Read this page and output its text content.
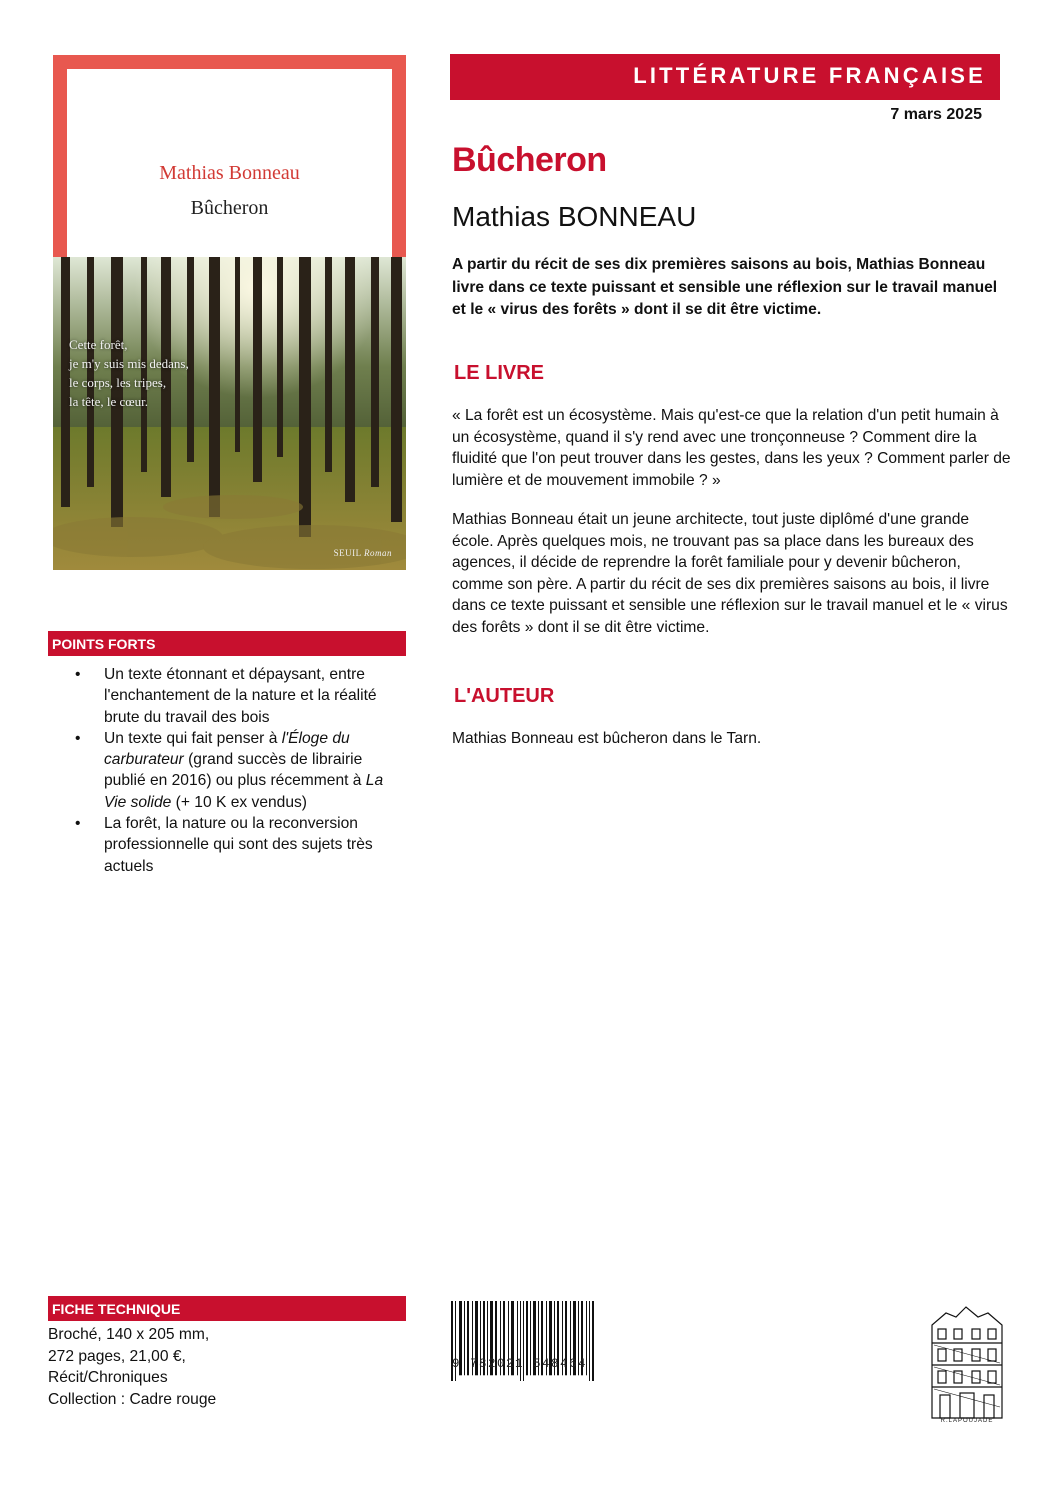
Mathias Bonneau
Bûcheron
Cette forêt,
je m'y suis mis dedans,
le corps, les tripes,
la tête, le cœur.
SEUIL Roman
LITTÉRATURE FRANÇAISE
7 mars 2025
Bûcheron
Mathias BONNEAU
A partir du récit de ses dix premières saisons au bois, Mathias Bonneau livre dans ce texte puissant et sensible une réflexion sur le travail manuel et le « virus des forêts » dont il se dit être victime.
LE LIVRE
« La forêt est un écosystème. Mais qu'est-ce que la relation d'un petit humain à un écosystème, quand il s'y rend avec une tronçonneuse ? Comment dire la fluidité que l'on peut trouver dans les gestes, dans les yeux ? Comment parler de lumière et de mouvement immobile ? »
Mathias Bonneau était un jeune architecte, tout juste diplômé d'une grande école. Après quelques mois, ne trouvant pas sa place dans les bureaux des agences, il décide de reprendre la forêt familiale pour y devenir bûcheron, comme son père. A partir du récit de ses dix premières saisons au bois, il livre dans ce texte puissant et sensible une réflexion sur le travail manuel et le « virus des forêts » dont il se dit être victime.
L'AUTEUR
Mathias Bonneau est bûcheron dans le Tarn.
POINTS FORTS
• Un texte étonnant et dépaysant, entre l'enchantement de la nature et la réalité brute du travail des bois
• Un texte qui fait penser à l'Éloge du carburateur (grand succès de librairie publié en 2016) ou plus récemment à La Vie solide (+ 10 K ex vendus)
• La forêt, la nature ou la reconversion professionnelle qui sont des sujets très actuels
FICHE TECHNIQUE
Broché, 140 x 205 mm,
272 pages, 21,00 €,
Récit/Chroniques
Collection : Cadre rouge
9 782021 548464
R.LAPOUJADE
